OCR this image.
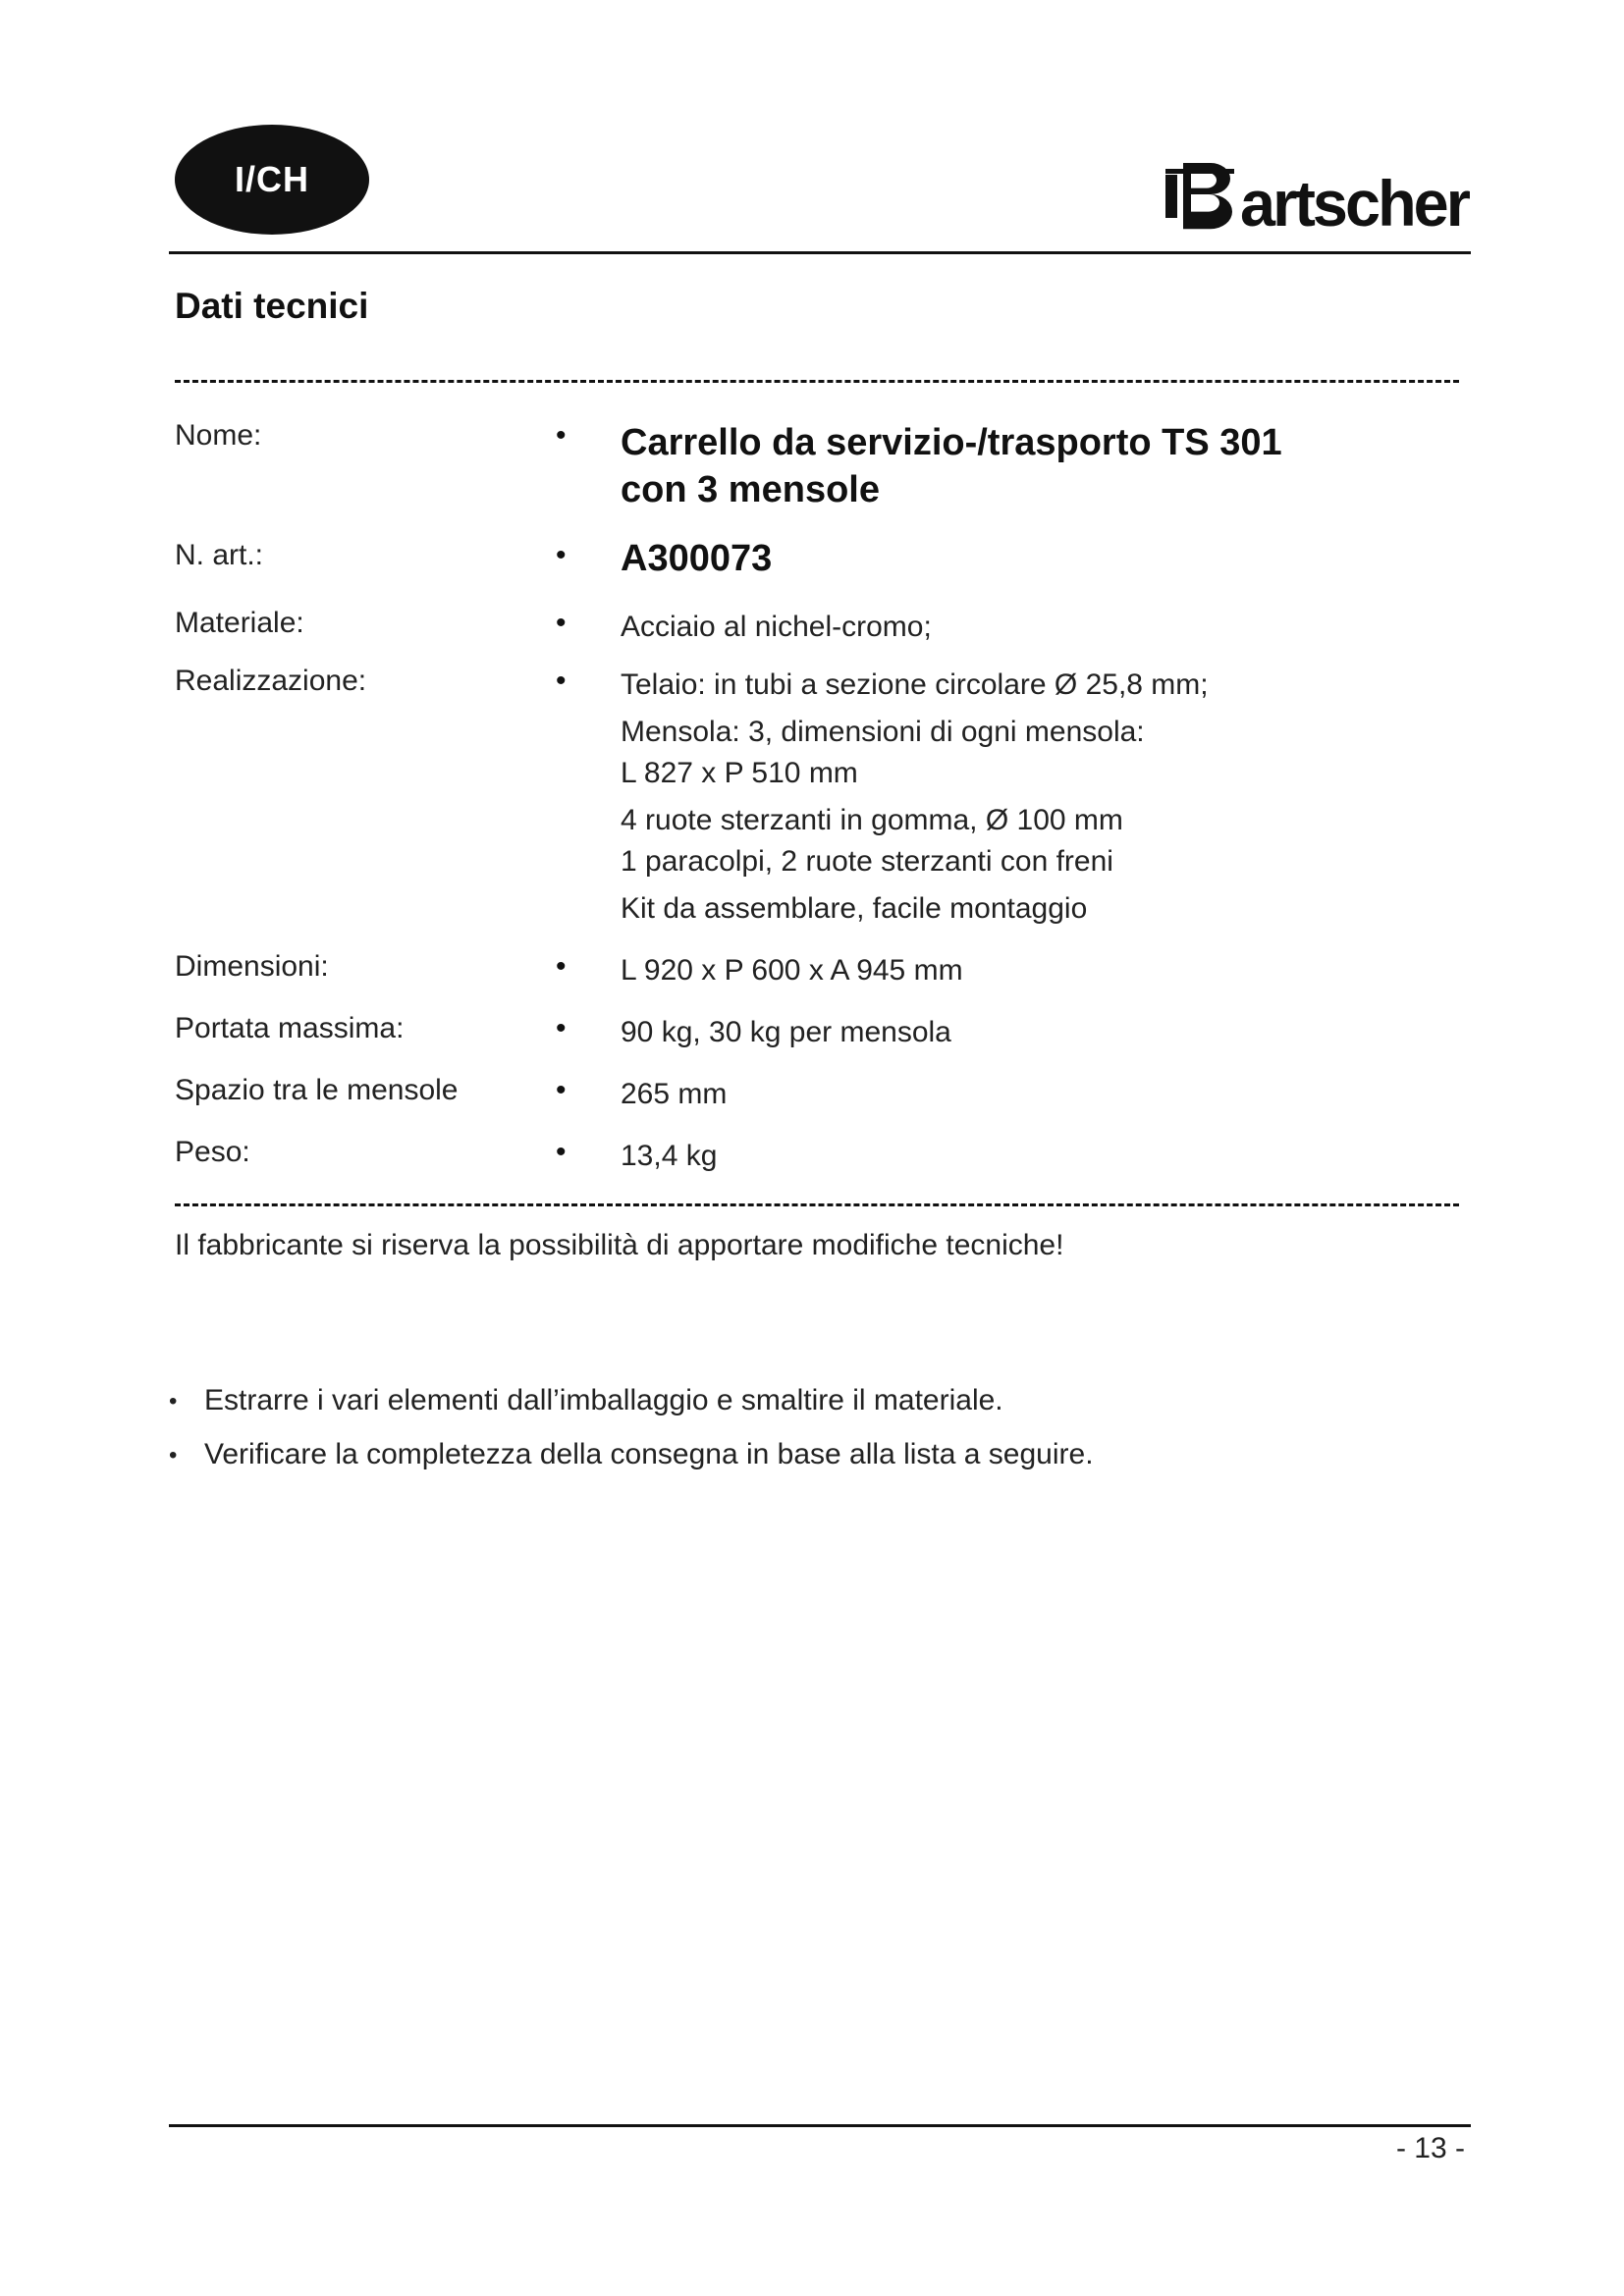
I/CH	artscher
Dati tecnici
Nome:	• Carrello da servizio-/trasporto TS 301
con 3 mensole
N. art.:	• A300073
Materiale:	• Acciaio al nichel-cromo;
Realizzazione:	• Telaio: in tubi a sezione circolare Ø 25,8 mm;
Mensola: 3, dimensioni di ogni mensola:
L 827 x P 510 mm
4 ruote sterzanti in gomma, Ø 100 mm
1 paracolpi, 2 ruote sterzanti con freni
Kit da assemblare, facile montaggio
Dimensioni:	• L 920 x P 600 x A 945 mm
Portata massima:	• 90 kg, 30 kg per mensola
Spazio tra le mensole	• 265 mm
Peso:	• 13,4 kg
Il fabbricante si riserva la possibilità di apportare modifiche tecniche!
• Estrarre i vari elementi dall’imballaggio e smaltire il materiale.
• Verificare la completezza della consegna in base alla lista a seguire.
- 13 -
